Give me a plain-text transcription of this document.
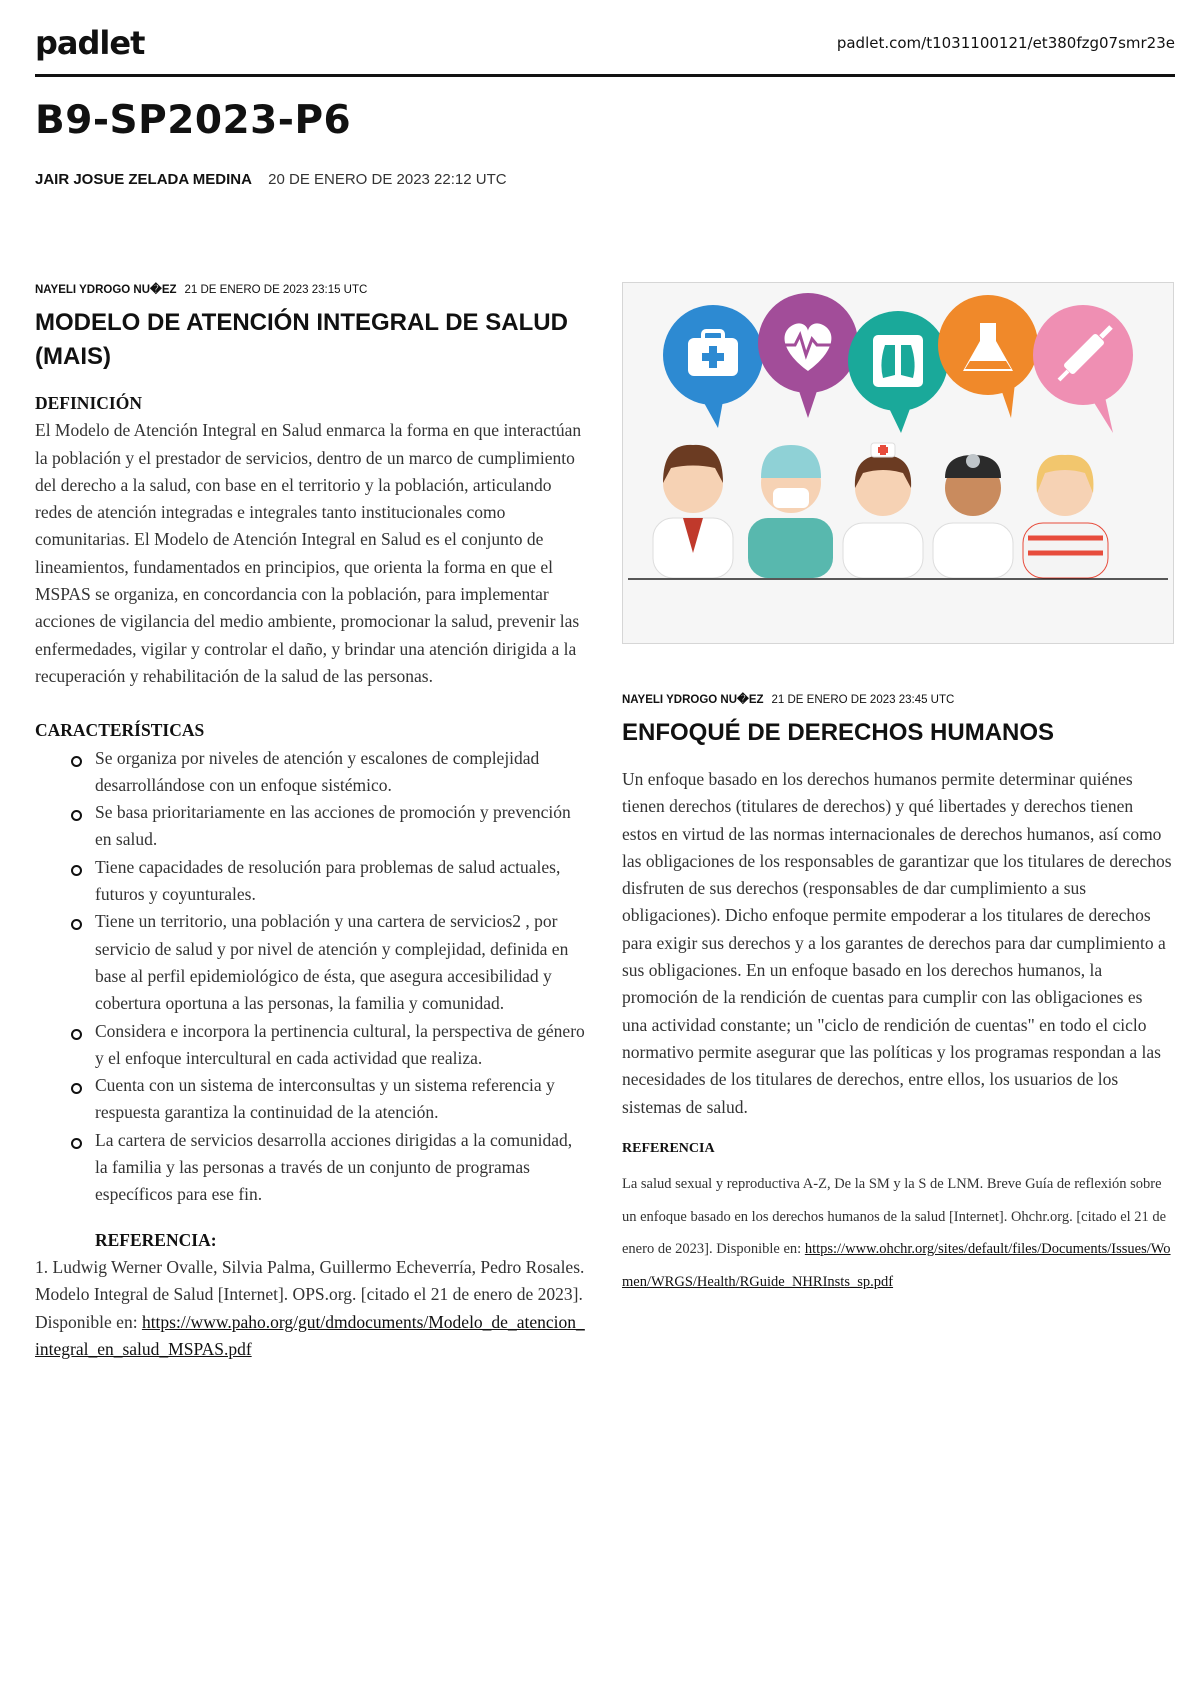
padlet	padlet.com/t1031100121/et380fzg07smr23e
B9-SP2023-P6
JAIR JOSUE ZELADA MEDINA 20 DE ENERO DE 2023 22:12 UTC
NAYELI YDROGO NU�EZ 21 DE ENERO DE 2023 23:15 UTC
MODELO DE ATENCIÓN INTEGRAL DE SALUD (MAIS)
DEFINICIÓN

El Modelo de Atención Integral en Salud enmarca la forma en que interactúan la población y el prestador de servicios, dentro de un marco de cumplimiento del derecho a la salud, con base en el territorio y la población, articulando redes de atención integradas e integrales tanto institucionales como comunitarias. El Modelo de Atención Integral en Salud es el conjunto de lineamientos, fundamentados en principios, que orienta la forma en que el MSPAS se organiza, en concordancia con la población, para implementar acciones de vigilancia del medio ambiente, promocionar la salud, prevenir las enfermedades, vigilar y controlar el daño, y brindar una atención dirigida a la recuperación y rehabilitación de la salud de las personas.

CARACTERÍSTICAS
Se organiza por niveles de atención y escalones de complejidad desarrollándose con un enfoque sistémico.
Se basa prioritariamente en las acciones de promoción y prevención en salud.
Tiene capacidades de resolución para problemas de salud actuales, futuros y coyunturales.
Tiene un territorio, una población y una cartera de servicios2 , por servicio de salud y por nivel de atención y complejidad, definida en base al perfil epidemiológico de ésta, que asegura accesibilidad y cobertura oportuna a las personas, la familia y comunidad.
Considera e incorpora la pertinencia cultural, la perspectiva de género y el enfoque intercultural en cada actividad que realiza.
Cuenta con un sistema de interconsultas y un sistema referencia y respuesta garantiza la continuidad de la atención.
La cartera de servicios desarrolla acciones dirigidas a la comunidad, la familia y las personas a través de un conjunto de programas específicos para ese fin.
REFERENCIA:

1. Ludwig Werner Ovalle, Silvia Palma, Guillermo Echeverría, Pedro Rosales. Modelo Integral de Salud [Internet]. OPS.org. [citado el 21 de enero de 2023]. Disponible en: https://www.paho.org/gut/dmdocuments/Modelo_de_atencion_integral_en_salud_MSPAS.pdf

NAYELI YDROGO NU�EZ 21 DE ENERO DE 2023 23:45 UTC
ENFOQUÉ DE DERECHOS HUMANOS

Un enfoque basado en los derechos humanos permite determinar quiénes tienen derechos (titulares de derechos) y qué libertades y derechos tienen estos en virtud de las normas internacionales de derechos humanos, así como las obligaciones de los responsables de garantizar que los titulares de derechos disfruten de sus derechos (responsables de dar cumplimiento a sus obligaciones). Dicho enfoque permite empoderar a los titulares de derechos para exigir sus derechos y a los garantes de derechos para dar cumplimiento a sus obligaciones. En un enfoque basado en los derechos humanos, la promoción de la rendición de cuentas para cumplir con las obligaciones es una actividad constante; un "ciclo de rendición de cuentas" en todo el ciclo normativo permite asegurar que las políticas y los programas respondan a las necesidades de los titulares de derechos, entre ellos, los usuarios de los sistemas de salud.

REFERENCIA
La salud sexual y reproductiva A-Z, De la SM y la S de LNM. Breve Guía de reflexión sobre un enfoque basado en los derechos humanos de la salud [Internet]. Ohchr.org. [citado el 21 de enero de 2023]. Disponible en: https://www.ohchr.org/sites/default/files/Documents/Issues/Women/WRGS/Health/RGuide_NHRInsts_sp.pdf
